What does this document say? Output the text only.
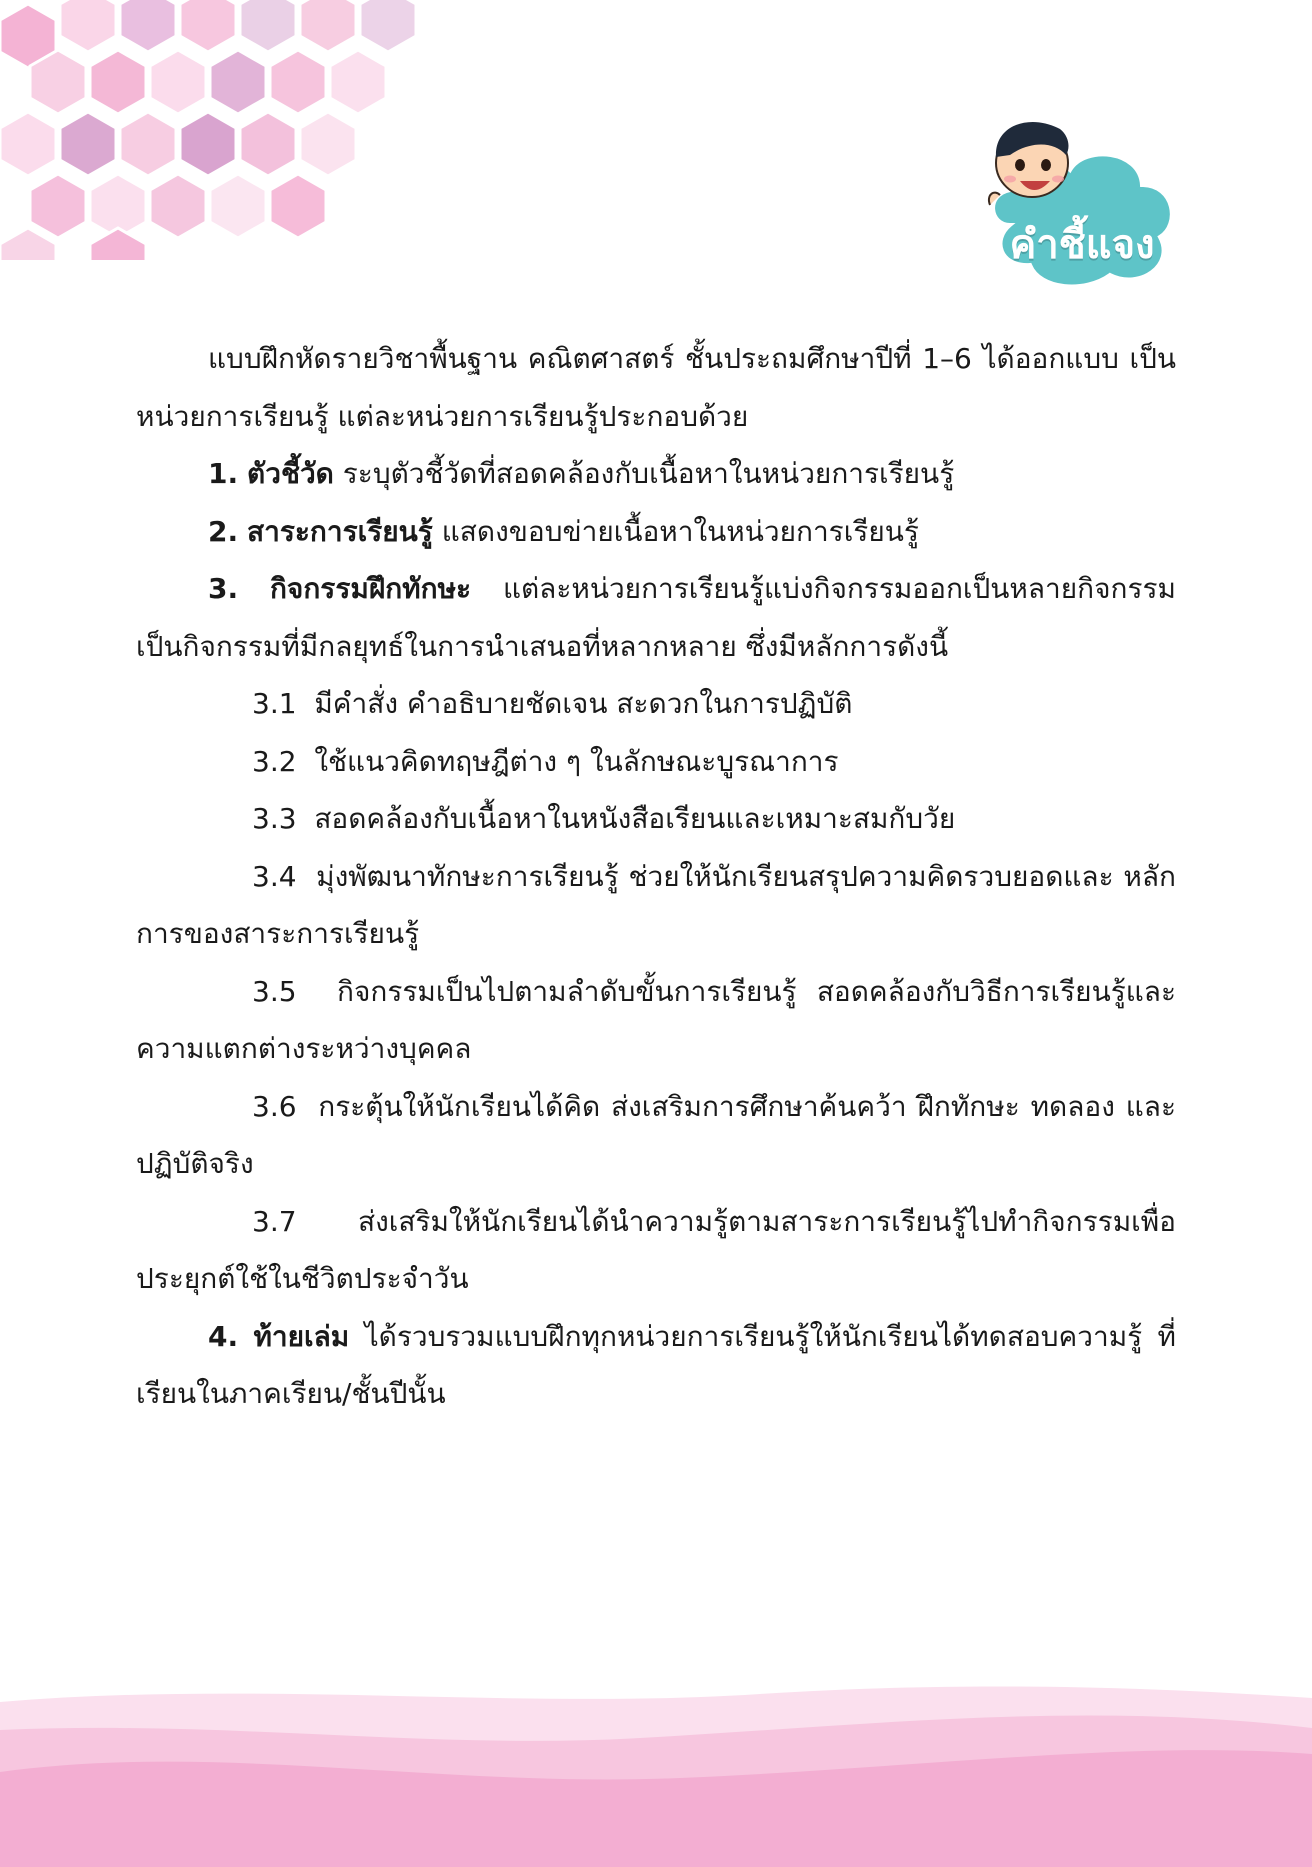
คำชี้แจง

แบบฝึกหัดรายวิชาพื้นฐาน คณิตศาสตร์ ชั้นประถมศึกษาปีที่ 1–6 ได้ออกแบบ เป็นหน่วยการเรียนรู้ แต่ละหน่วยการเรียนรู้ประกอบด้วย

1. ตัวชี้วัด ระบุตัวชี้วัดที่สอดคล้องกับเนื้อหาในหน่วยการเรียนรู้

2. สาระการเรียนรู้ แสดงขอบข่ายเนื้อหาในหน่วยการเรียนรู้

3. กิจกรรมฝึกทักษะ แต่ละหน่วยการเรียนรู้แบ่งกิจกรรมออกเป็นหลายกิจกรรม เป็นกิจกรรมที่มีกลยุทธ์ในการนำเสนอที่หลากหลาย ซึ่งมีหลักการดังนี้

3.1 มีคำสั่ง คำอธิบายชัดเจน สะดวกในการปฏิบัติ

3.2 ใช้แนวคิดทฤษฎีต่าง ๆ ในลักษณะบูรณาการ

3.3 สอดคล้องกับเนื้อหาในหนังสือเรียนและเหมาะสมกับวัย

3.4 มุ่งพัฒนาทักษะการเรียนรู้ ช่วยให้นักเรียนสรุปความคิดรวบยอดและ หลักการของสาระการเรียนรู้

3.5 กิจกรรมเป็นไปตามลำดับขั้นการเรียนรู้ สอดคล้องกับวิธีการเรียนรู้และ ความแตกต่างระหว่างบุคคล

3.6 กระตุ้นให้นักเรียนได้คิด ส่งเสริมการศึกษาค้นคว้า ฝึกทักษะ ทดลอง และปฏิบัติจริง

3.7 ส่งเสริมให้นักเรียนได้นำความรู้ตามสาระการเรียนรู้ไปทำกิจกรรมเพื่อ ประยุกต์ใช้ในชีวิตประจำวัน

4. ท้ายเล่ม ได้รวบรวมแบบฝึกทุกหน่วยการเรียนรู้ให้นักเรียนได้ทดสอบความรู้ ที่เรียนในภาคเรียน/ชั้นปีนั้น
